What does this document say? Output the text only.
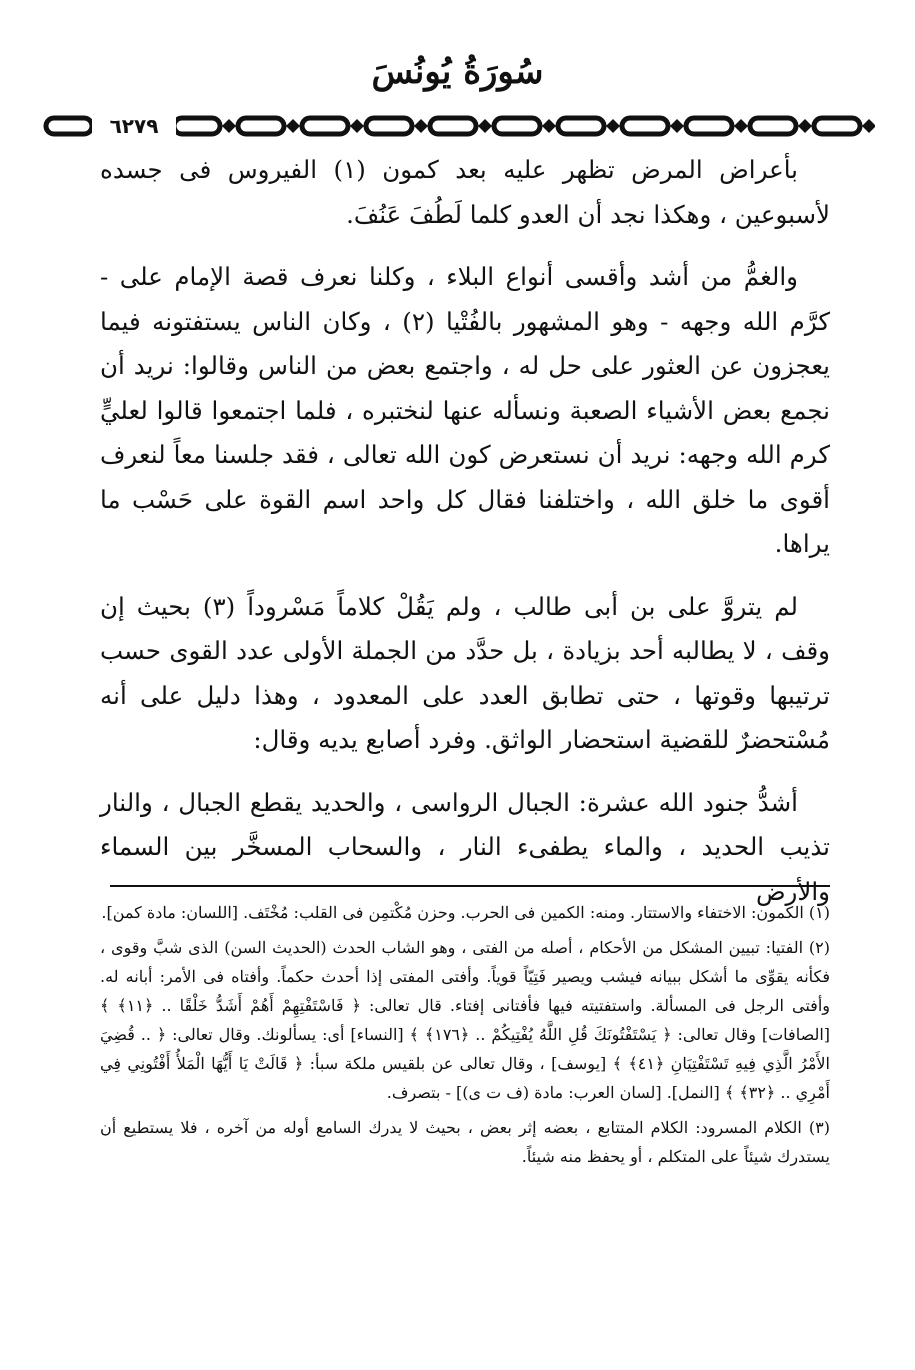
سُورَةُ يُونُسَ
٦٢٧٩

بأعراض المرض تظهر عليه بعد كمون (١) الفيروس فى جسده لأسبوعين ، وهكذا نجد أن العدو كلما لَطُفَ عَنُفَ.

والغمُّ من أشد وأقسى أنواع البلاء ، وكلنا نعرف قصة الإمام على - كرَّم الله وجهه - وهو المشهور بالفُتْيا (٢) ، وكان الناس يستفتونه فيما يعجزون عن العثور على حل له ، واجتمع بعض من الناس وقالوا: نريد أن نجمع بعض الأشياء الصعبة ونسأله عنها لنختبره ، فلما اجتمعوا قالوا لعليٍّ كرم الله وجهه: نريد أن نستعرض كون الله تعالى ، فقد جلسنا معاً لنعرف أقوى ما خلق الله ، واختلفنا فقال كل واحد اسم القوة على حَسْب ما يراها.

لم يتروَّ على بن أبى طالب ، ولم يَقُلْ كلاماً مَسْروداً (٣) بحيث إن وقف ، لا يطالبه أحد بزيادة ، بل حدَّد من الجملة الأولى عدد القوى حسب ترتيبها وقوتها ، حتى تطابق العدد على المعدود ، وهذا دليل على أنه مُسْتحضرٌ للقضية استحضار الواثق. وفرد أصابع يديه وقال:

أشدُّ جنود الله عشرة: الجبال الرواسى ، والحديد يقطع الجبال ، والنار تذيب الحديد ، والماء يطفىء النار ، والسحاب المسخَّر بين السماء والأرض

(١) الكمون: الاختفاء والاستتار. ومنه: الكمين فى الحرب. وحزن مُكْتمِن فى القلب: مُخْتَف. [اللسان: مادة كمن].
(٢) الفتيا: تبيين المشكل من الأحكام ، أصله من الفتى ، وهو الشاب الحدث (الحديث السن) الذى شبَّ وقوى ، فكأنه يقوِّى ما أشكل ببيانه فيشب ويصير فَتِيّاً قوياً. وأفتى المفتى إذا أحدث حكماً. وأفتاه فى الأمر: أبانه له. وأفتى الرجل فى المسألة. واستفتيته فيها فأفتانى إفتاء. قال تعالى: ﴿ فَاسْتَفْتِهِمْ أَهُمْ أَشَدُّ خَلْقًا .. ﴿١١﴾ ﴾ [الصافات] وقال تعالى: ﴿ يَسْتَفْتُونَكَ قُلِ اللَّهُ يُفْتِيكُمْ .. ﴿١٧٦﴾ ﴾ [النساء] أى: يسألونك. وقال تعالى: ﴿ .. قُضِيَ الأَمْرُ الَّذِي فِيهِ تَسْتَفْتِيَانِ ﴿٤١﴾ ﴾ [يوسف] ، وقال تعالى عن بلقيس ملكة سبأ: ﴿ قَالَتْ يَا أَيُّهَا الْمَلأُ أَفْتُونِي فِي أَمْرِي .. ﴿٣٢﴾ ﴾ [النمل]. [لسان العرب: مادة (ف ت ى)] - بتصرف.
(٣) الكلام المسرود: الكلام المتتابع ، بعضه إثر بعض ، بحيث لا يدرك السامع أوله من آخره ، فلا يستطيع أن يستدرك شيئاً على المتكلم ، أو يحفظ منه شيئاً.
